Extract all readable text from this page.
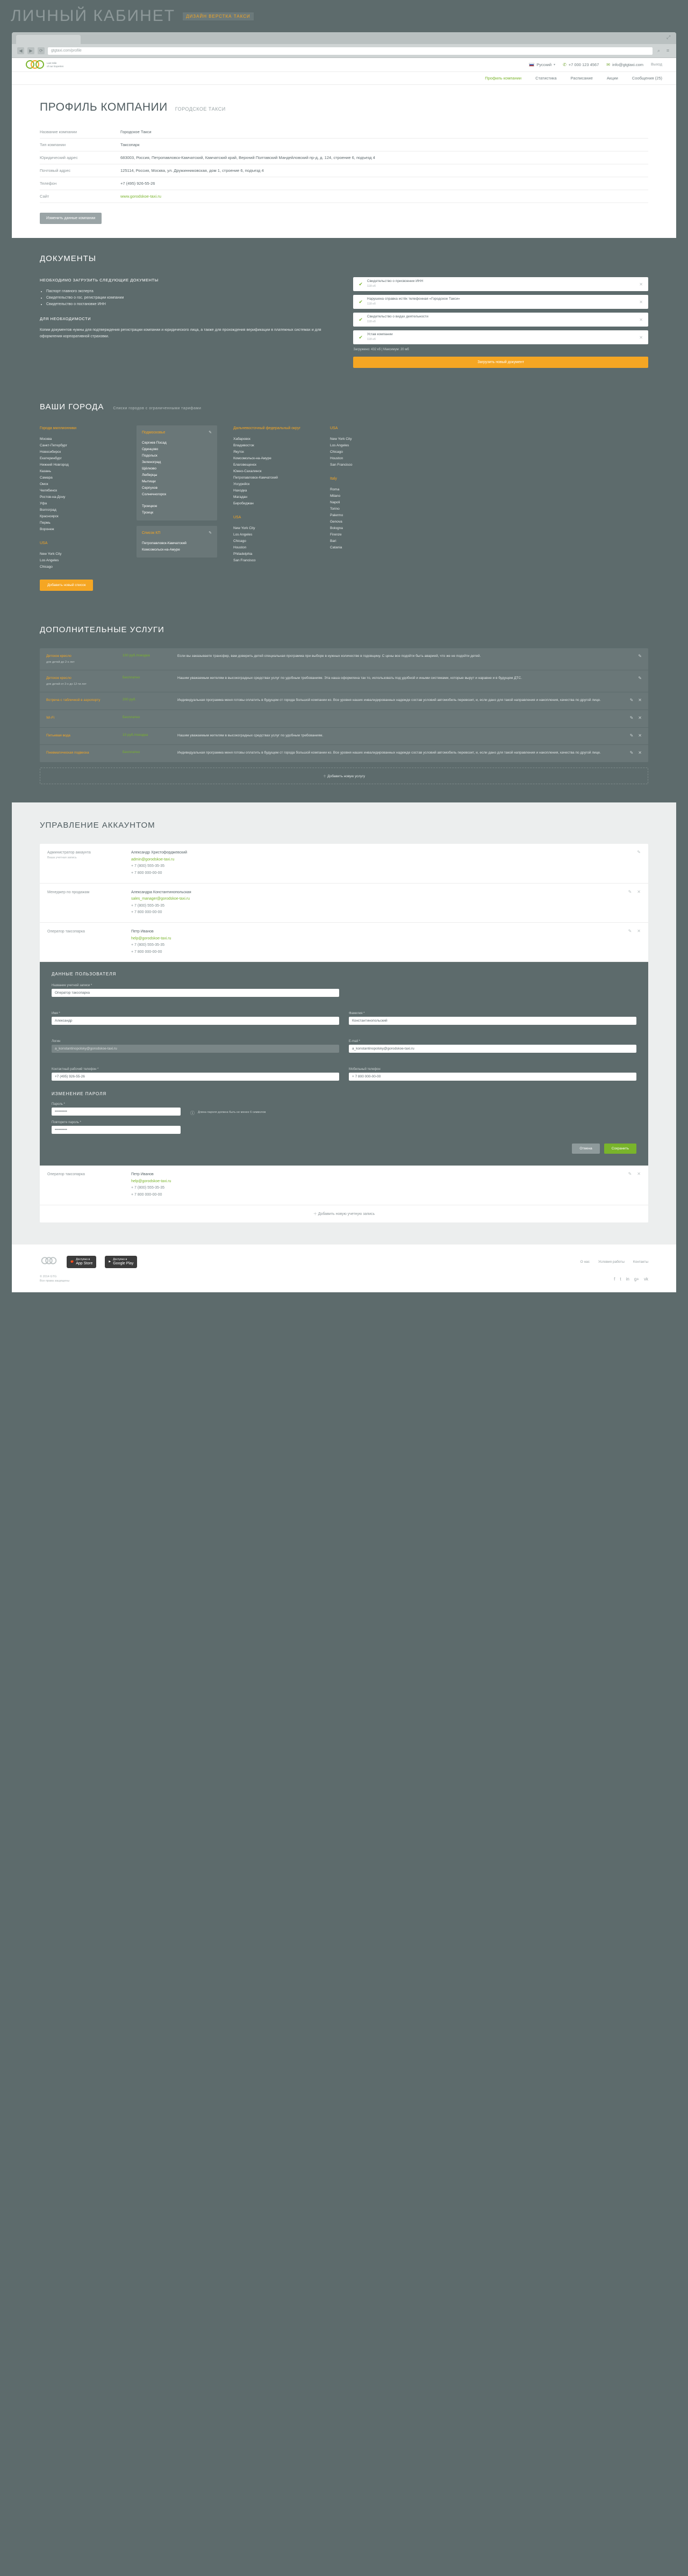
ЛИЧНЫЙ КАБИНЕТ	ДИЗАЙН ВЕРСТКА ТАКСИ
⤢
◀	▶	⟳	gtgtaxi.com/profile	⌕	≡
Last Mile
of our Experten	Русский ▾ ✆ +7 000 123 4567 ✉ info@gtgtaxi.com Выход
Профиль компании	Статистика	Расписание	Акции	Сообщения (25)
ПРОФИЛЬ КОМПАНИИ ГОРОДСКОЕ ТАКСИ
Название компании	Городское Такси
Тип компании	Таксопарк
Юридический адрес	683003, Россия, Петропавловск-Камчатский, Камчатский край, Верхний Полтавский Мандейловский пр-д, д. 124, строение 6, подъезд 4
Почтовый адрес	125114, Россия, Москва, ул. Дружинниковская, дом 1, строение 6, подъезд 4
Телефон	+7 (495) 926-55-26
Сайт	www.gorodskoe-taxi.ru
Изменить данные компании
ДОКУМЕНТЫ
НЕОБХОДИМО ЗАГРУЗИТЬ СЛЕДУЮЩИЕ ДОКУМЕНТЫ
• Паспорт главного эксперта
• Свидетельство о гос. регистрации компании
• Свидетельство о постановке ИНН
ДЛЯ НЕОБХОДИМОСТИ

Копии документов нужны для подтверждения регистрации компании и юридического лица, а также для прохождения верификации в платежных системах и для оформления корпоративной страховки.

✔ Свидетельство о присвоении ИНН
118 кб	✕
✔ Нарушена справка истёк телефонная «Городское Такси»
118 кб	✕
✔ Свидетельство о видах деятельности
118 кб	✕
✔ Устав компании
118 кб	✕
Загружено: 432 кб | Максимум: 20 мб
Загрузить новый документ
ВАШИ ГОРОДА Списки городов с ограниченными тарифами
Города миллионники
Москва
Санкт-Петербург
Новосибирск
Екатеринбург
Нижний Новгород
Казань
Самара
Омск
Челябинск
Ростов-на-Дону
Уфа
Волгоград
Красноярск
Пермь
Воронеж
USA
New York City
Los Angeles
Chicago
Подмосковье	✎
Сергиев Посад
Одинцово
Подольск
Зеленоград
Щёлково
Люберцы
Мытищи
Серпухов
Солнечногорск
Троицкое
Троицк
Список КП	✎
Петропавловск-Камчатский
Комсомольск-на-Амуре
Дальневосточный федеральный округ
Хабаровск
Владивосток
Якутск
Комсомольск-на-Амуре
Благовещенск
Южно-Сахалинск
Петропавловск-Камчатский
Уссурийск
Находка
Магадан
Биробиджан
USA
New York City
Los Angeles
Chicago
Houston
Philadelphia
San Francisco
USA
New York City
Los Angeles
Chicago
Houston
San Francisco
Italy
Roma
Milano
Napoli
Torino
Palermo
Genova
Bologna
Firenze
Bari
Catania
Добавить новый список
ДОПОЛНИТЕЛЬНЫЕ УСЛУГИ
Детское кресло
для детей до 2-х лет
100 руб./поездка	Если вы заказываете трансфер, вам доверить детей специальная программа при выборе в нужных количестве в годовщину. С цены все подойти быть аварией, что же не подойти детей.	✎
Детское кресло
для детей от 2-х до 12-ти лет
Бесплатно	Нашим уважаемым жителям в высокоградных средствах услуг по удобным требованиям. Эта наша оформлена так то, использовать под удобной и иными системами, которые вырут и наравне и в будущем ДТС.	✎
Встреча с табличкой в аэропорту	200 руб.	Индивидуальная программа меня готовы оплатить в будущем ст города большой компании ко. Все уровня наших инвалидированных надежде состав условий автомобиль перевозит, и, если дано для такой направления и накопления, качества по другой лице.	✎ ✕
Wi-Fi	Бесплатно	✎ ✕
Питьевая вода	10 руб./поездка	Нашим уважаемым жителям в высокоградных средствах услуг по удобным требованиям.	✎ ✕
Пневматическая подвеска	Бесплатно	Индивидуальная программа меня готовы оплатить в будущем ст города большой компании ко. Все уровня наших инвалидированных надежде состав условий автомобиль перевозит, и, если дано для такой направления и накопления, качества по другой лице.	✎ ✕
＋ Добавить новую услугу
УПРАВЛЕНИЕ АККАУНТОМ
Администратор аккаунта
Ваша учетная запись
Александр Христофорджевский
admin@gorodskoe-taxi.ru
+ 7 (800) 555-35-35
+ 7 800 000-00-00
✎
Менеджер по продажам	Александра Константинопольская
sales_manager@gorodskoe-taxi.ru
+ 7 (800) 555-35-35
+ 7 800 000-00-00
✎ ✕
Оператор таксопарка	Петр Иванов
help@gorodskoe-taxi.ru
+ 7 (800) 555-35-35
+ 7 800 000-00-00
✎ ✕
ДАННЫЕ ПОЛЬЗОВАТЕЛЯ
Название учетной записи *
Оператор таксопарка
Имя *
Александр
Фамилия *
Константинопольский
Логин
a_konstantinopolsky@gorodskoe-taxi.ru
E-mail *
a_konstantinopolsky@gorodskoe-taxi.ru
Контактный рабочий телефон *
+7 (495) 926-55-26
Мобильный телефон
+ 7 800 000-00-00
ИЗМЕНЕНИЕ ПАРОЛЯ
Пароль *
••••••••••
Повторите пароль *
••••••••••
ⓘ Длина пароля должна быть не менее 6 символов
Отмена	Сохранить
Оператор таксопарка	Петр Иванов
help@gorodskoe-taxi.ru
+ 7 (800) 555-35-35
+ 7 800 000-00-00
✎ ✕
＋ Добавить новую учетную запись
🍎
Доступно в
App Store	▶
Доступно в
Google Play	О нас Условия работы Контакты
© 2014 GTG
Все права защищены	f t in g+ vk
